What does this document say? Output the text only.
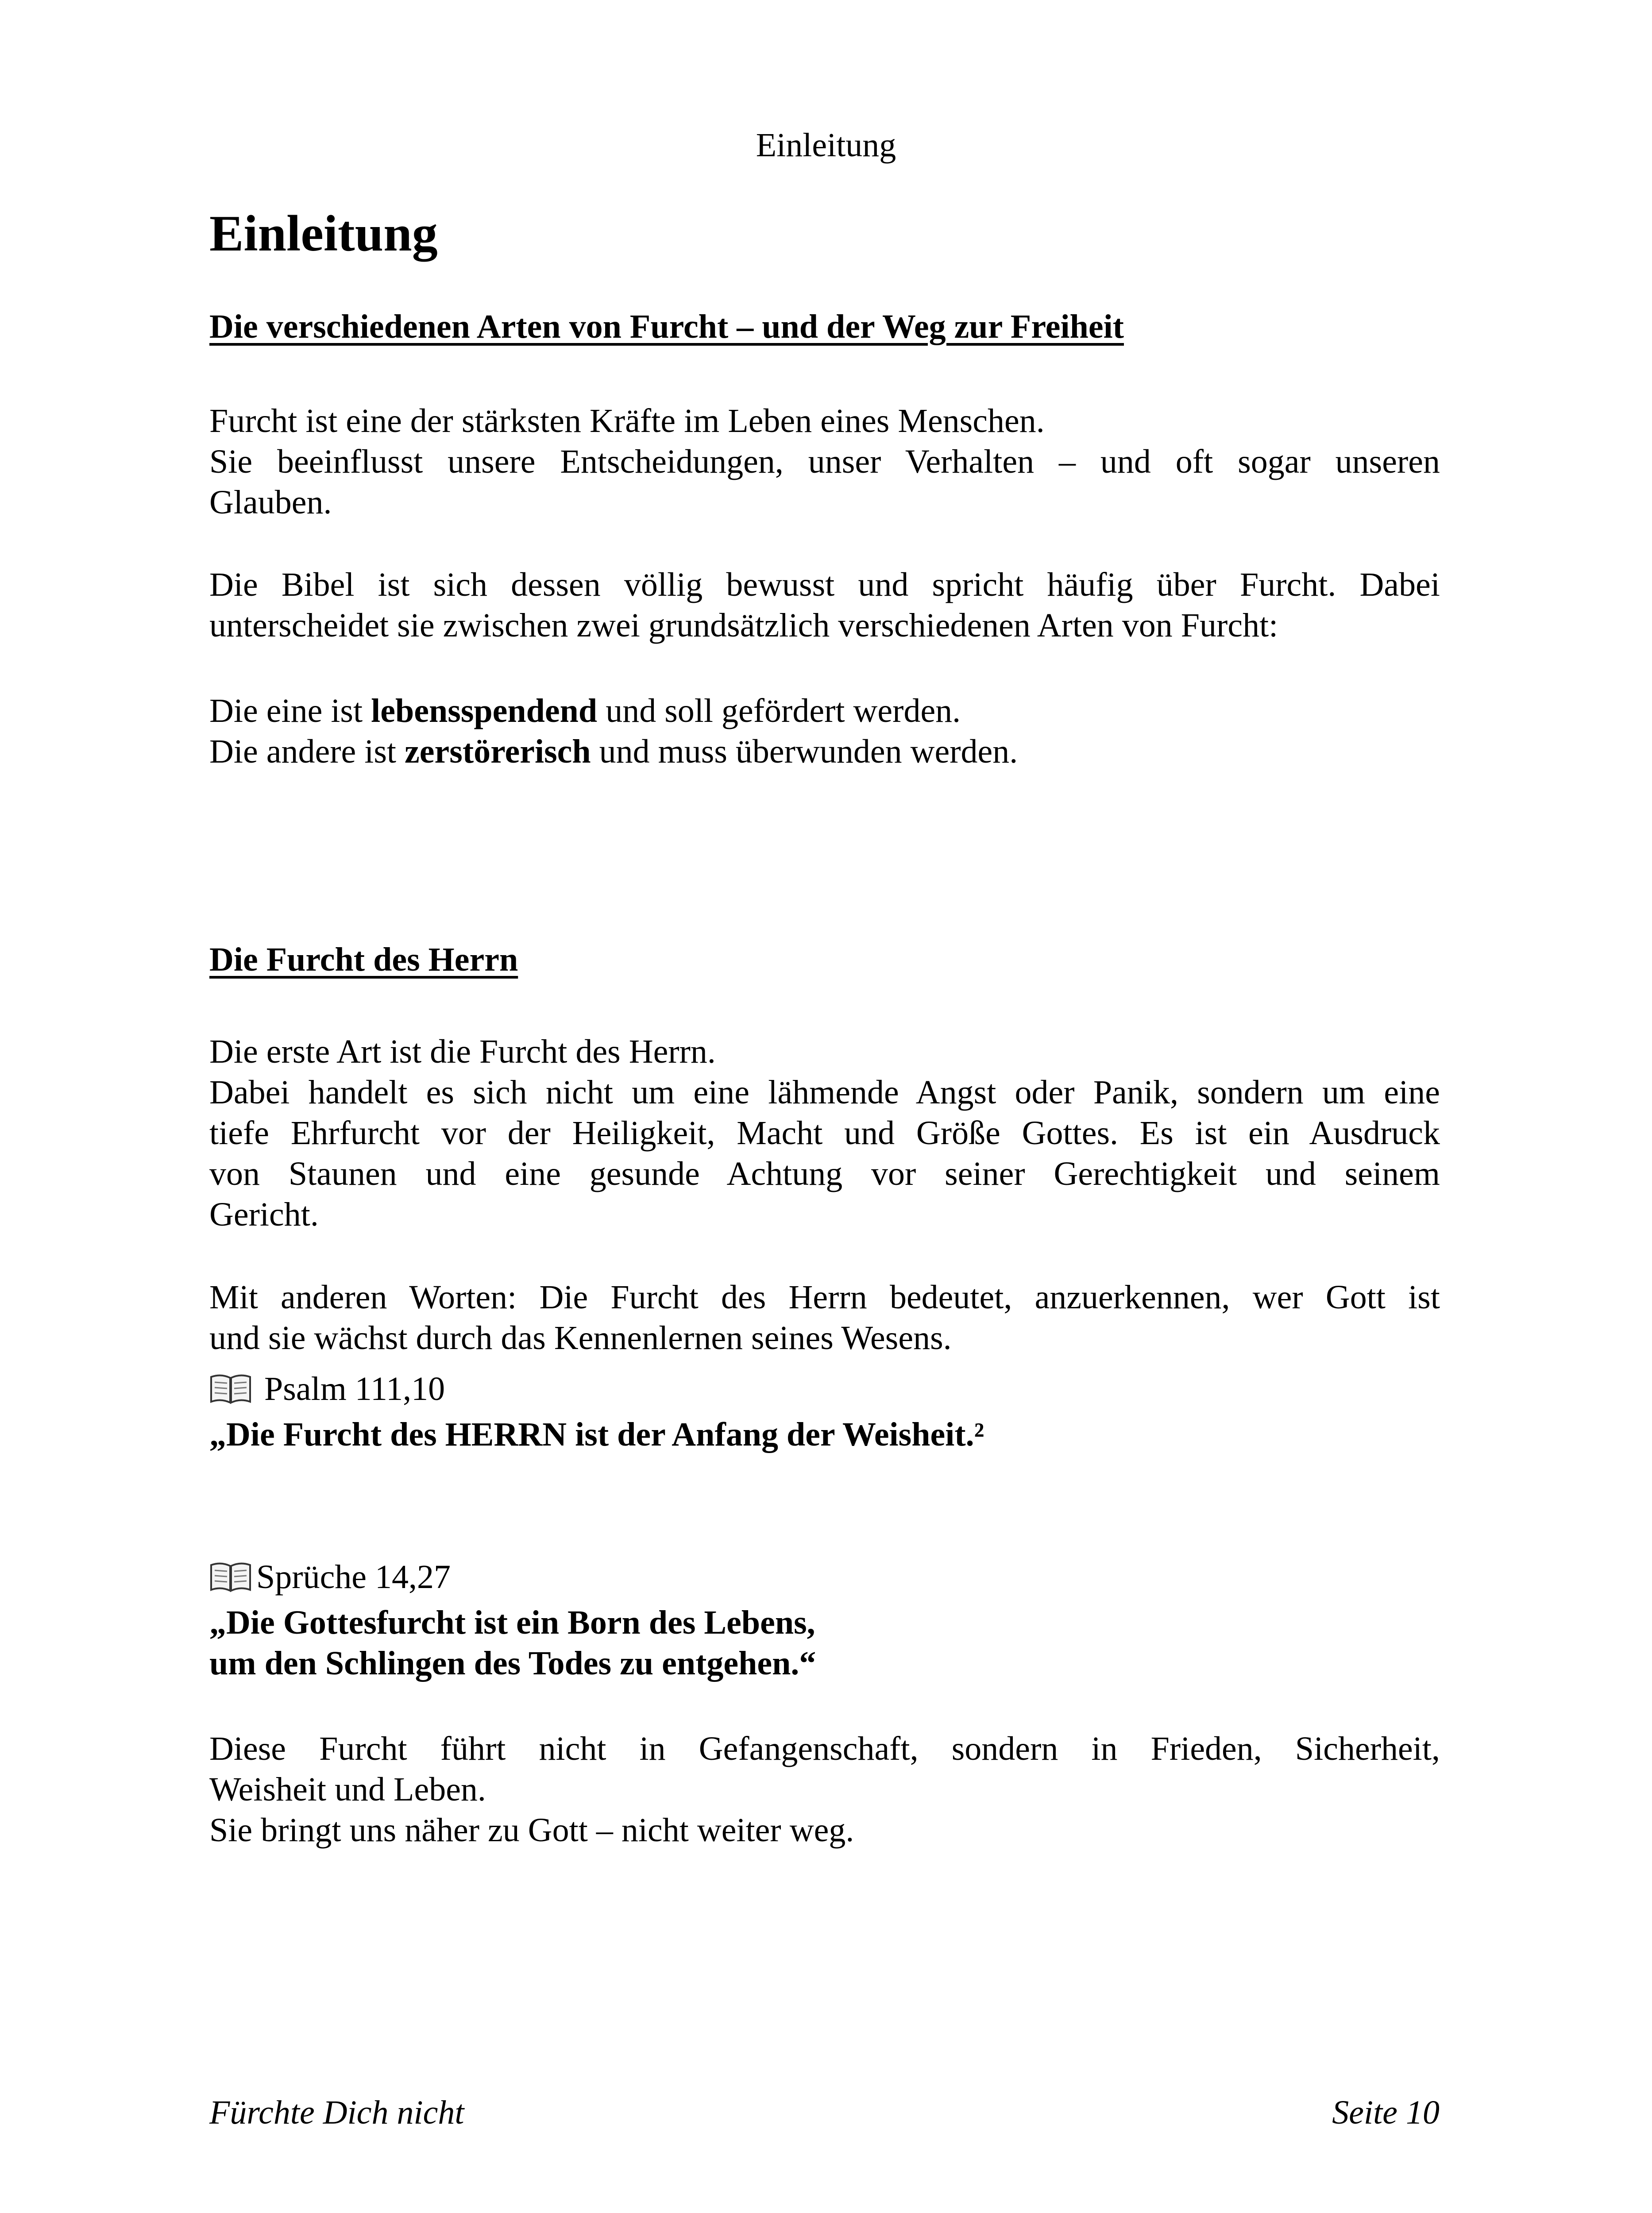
Einleitung
Einleitung
Die verschiedenen Arten von Furcht – und der Weg zur Freiheit
Furcht ist eine der stärksten Kräfte im Leben eines Menschen.
Sie beeinflusst unsere Entscheidungen, unser Verhalten – und oft sogar unseren
Glauben.
Die Bibel ist sich dessen völlig bewusst und spricht häufig über Furcht. Dabei
unterscheidet sie zwischen zwei grundsätzlich verschiedenen Arten von Furcht:
Die eine ist lebensspendend und soll gefördert werden.
Die andere ist zerstörerisch und muss überwunden werden.
Die Furcht des Herrn
Die erste Art ist die Furcht des Herrn.
Dabei handelt es sich nicht um eine lähmende Angst oder Panik, sondern um eine
tiefe Ehrfurcht vor der Heiligkeit, Macht und Größe Gottes. Es ist ein Ausdruck
von Staunen und eine gesunde Achtung vor seiner Gerechtigkeit und seinem
Gericht.
Mit anderen Worten: Die Furcht des Herrn bedeutet, anzuerkennen, wer Gott ist
und sie wächst durch das Kennenlernen seines Wesens.
Psalm 111,10
„Die Furcht des HERRN ist der Anfang der Weisheit.²
Sprüche 14,27
„Die Gottesfurcht ist ein Born des Lebens,
um den Schlingen des Todes zu entgehen.“
Diese Furcht führt nicht in Gefangenschaft, sondern in Frieden, Sicherheit,
Weisheit und Leben.
Sie bringt uns näher zu Gott – nicht weiter weg.
Fürchte Dich nicht	Seite 10
